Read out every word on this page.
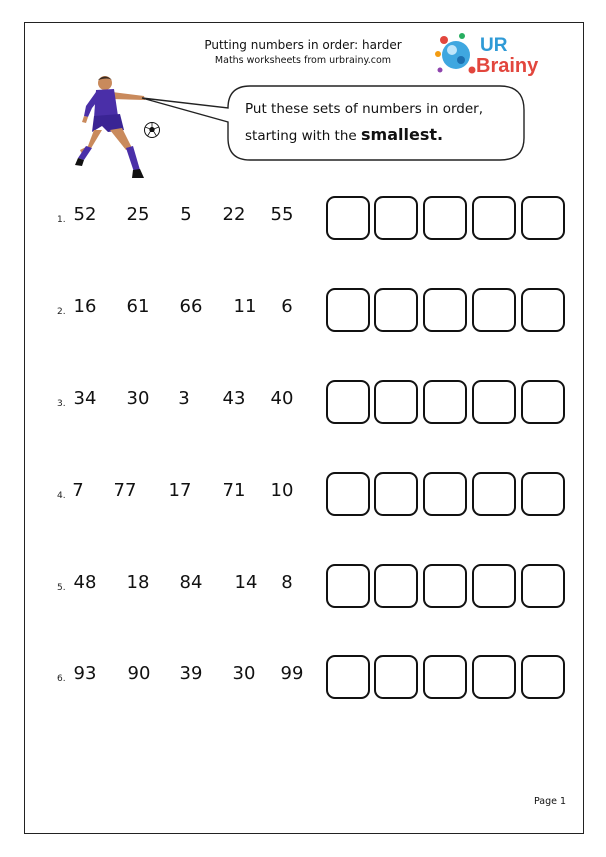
Putting numbers in order: harder
Maths worksheets from urbrainy.com
UR
Brainy
Put these sets of numbers in order,
starting with the smallest.
1. 52	25	5	22	55
2. 16	61	66	11	6
3. 34	30	3	43	40
4. 7	77	17	71	10
5. 48	18	84	14	8
6. 93	90	39	30	99
Page 1
